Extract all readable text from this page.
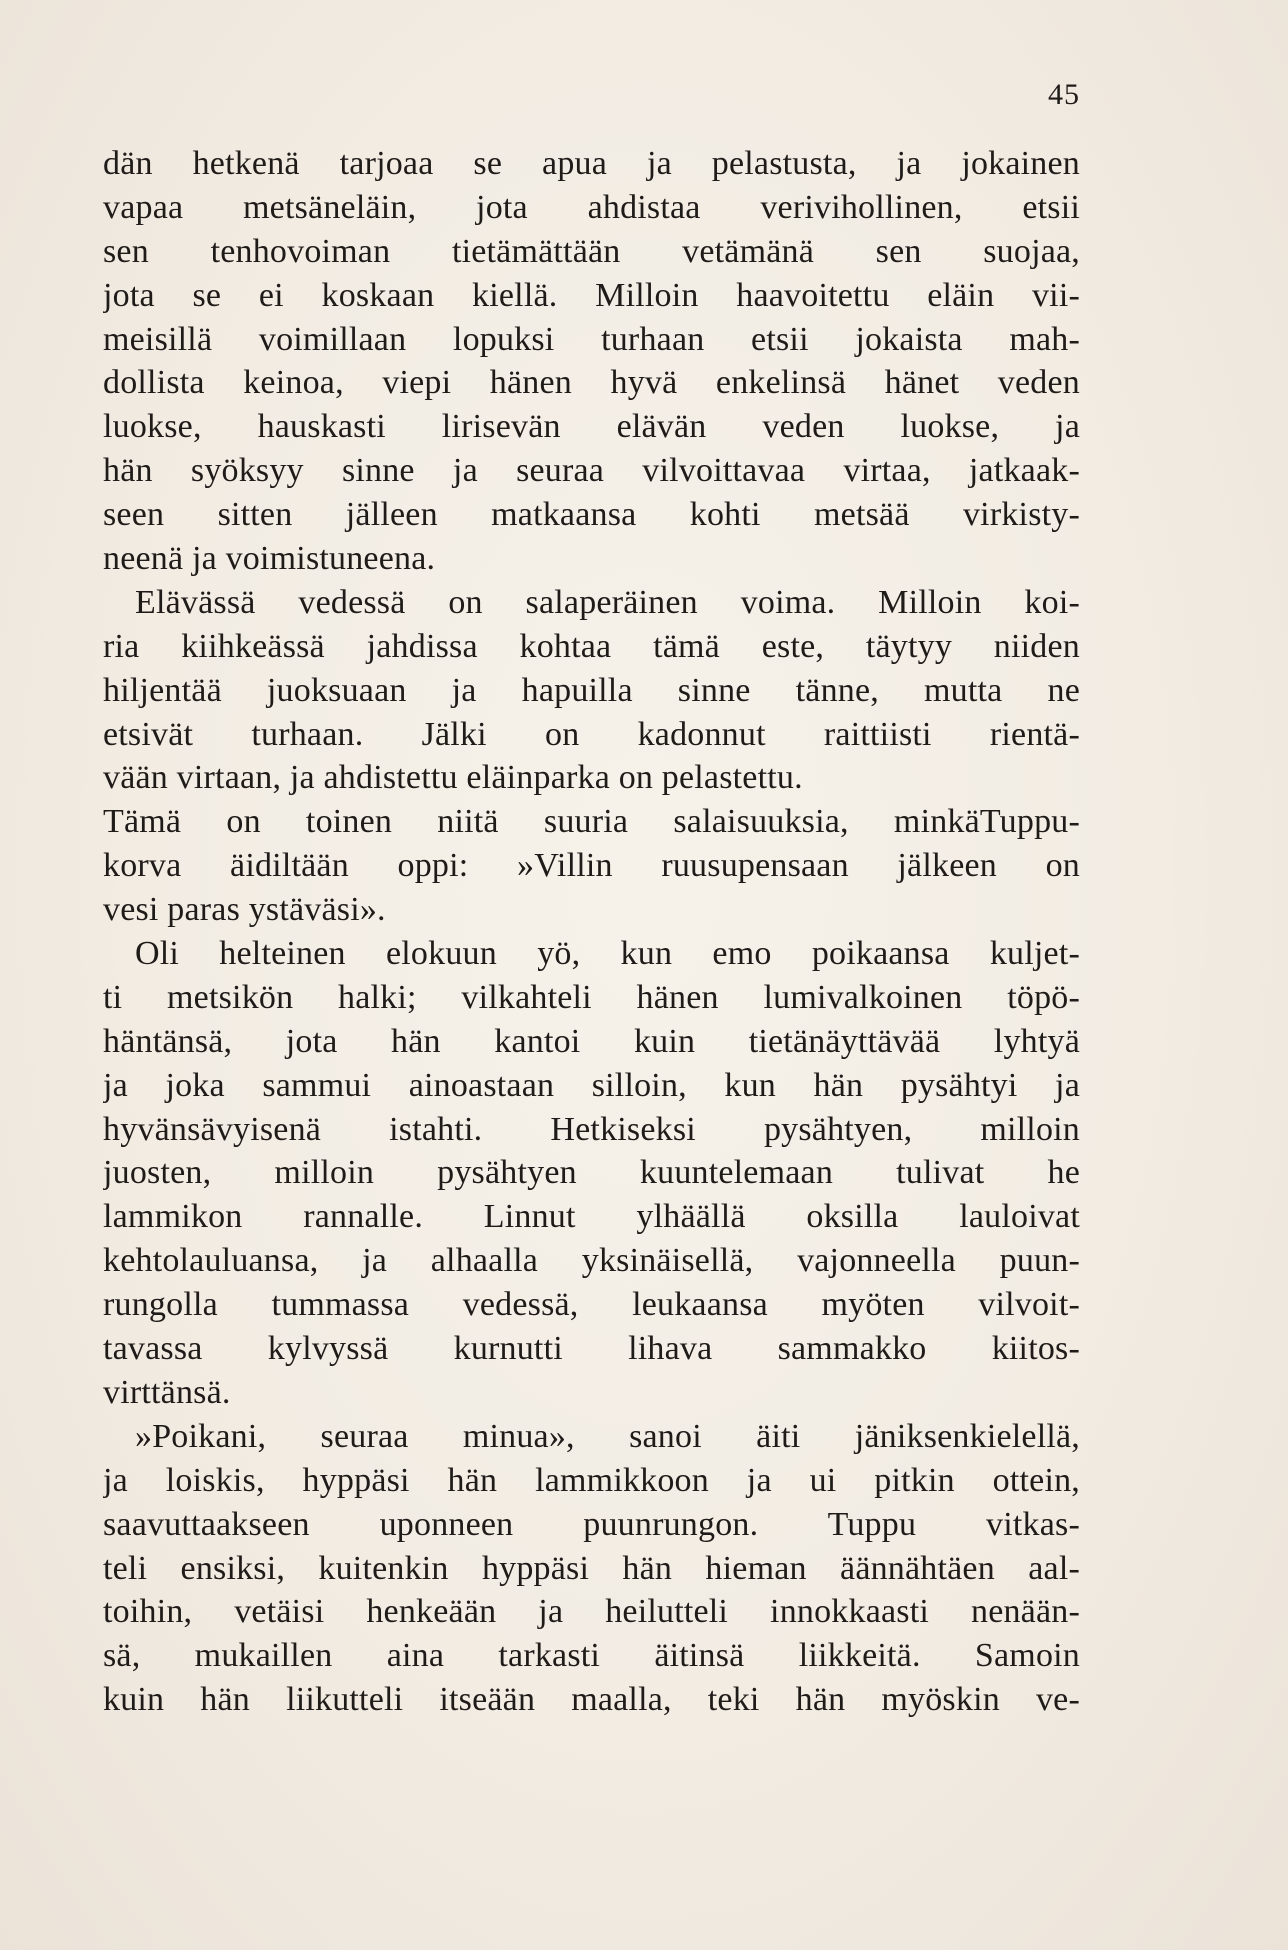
45
dän hetkenä tarjoaa se apua ja pelastusta, ja jokainen
vapaa metsäneläin, jota ahdistaa verivihollinen, etsii
sen tenhovoiman tietämättään vetämänä sen suojaa,
jota se ei koskaan kiellä. Milloin haavoitettu eläin vii-
meisillä voimillaan lopuksi turhaan etsii jokaista mah-
dollista keinoa, viepi hänen hyvä enkelinsä hänet veden
luokse, hauskasti lirisevän elävän veden luokse, ja
hän syöksyy sinne ja seuraa vilvoittavaa virtaa, jatkaak-
seen sitten jälleen matkaansa kohti metsää virkisty-
neenä ja voimistuneena.
Elävässä vedessä on salaperäinen voima. Milloin koi-
ria kiihkeässä jahdissa kohtaa tämä este, täytyy niiden
hiljentää juoksuaan ja hapuilla sinne tänne, mutta ne
etsivät turhaan. Jälki on kadonnut raittiisti rientä-
vään virtaan, ja ahdistettu eläinparka on pelastettu.
Tämä on toinen niitä suuria salaisuuksia, minkäTuppu-
korva äidiltään oppi: »Villin ruusupensaan jälkeen on
vesi paras ystäväsi».
Oli helteinen elokuun yö, kun emo poikaansa kuljet-
ti metsikön halki; vilkahteli hänen lumivalkoinen töpö-
häntänsä, jota hän kantoi kuin tietänäyttävää lyhtyä
ja joka sammui ainoastaan silloin, kun hän pysähtyi ja
hyvänsävyisenä istahti. Hetkiseksi pysähtyen, milloin
juosten, milloin pysähtyen kuuntelemaan tulivat he
lammikon rannalle. Linnut ylhäällä oksilla lauloivat
kehtolauluansa, ja alhaalla yksinäisellä, vajonneella puun-
rungolla tummassa vedessä, leukaansa myöten vilvoit-
tavassa kylvyssä kurnutti lihava sammakko kiitos-
virttänsä.
»Poikani, seuraa minua», sanoi äiti jäniksenkielellä,
ja loiskis, hyppäsi hän lammikkoon ja ui pitkin ottein,
saavuttaakseen uponneen puunrungon. Tuppu vitkas-
teli ensiksi, kuitenkin hyppäsi hän hieman äännähtäen aal-
toihin, vetäisi henkeään ja heilutteli innokkaasti nenään-
sä, mukaillen aina tarkasti äitinsä liikkeitä. Samoin
kuin hän liikutteli itseään maalla, teki hän myöskin ve-
